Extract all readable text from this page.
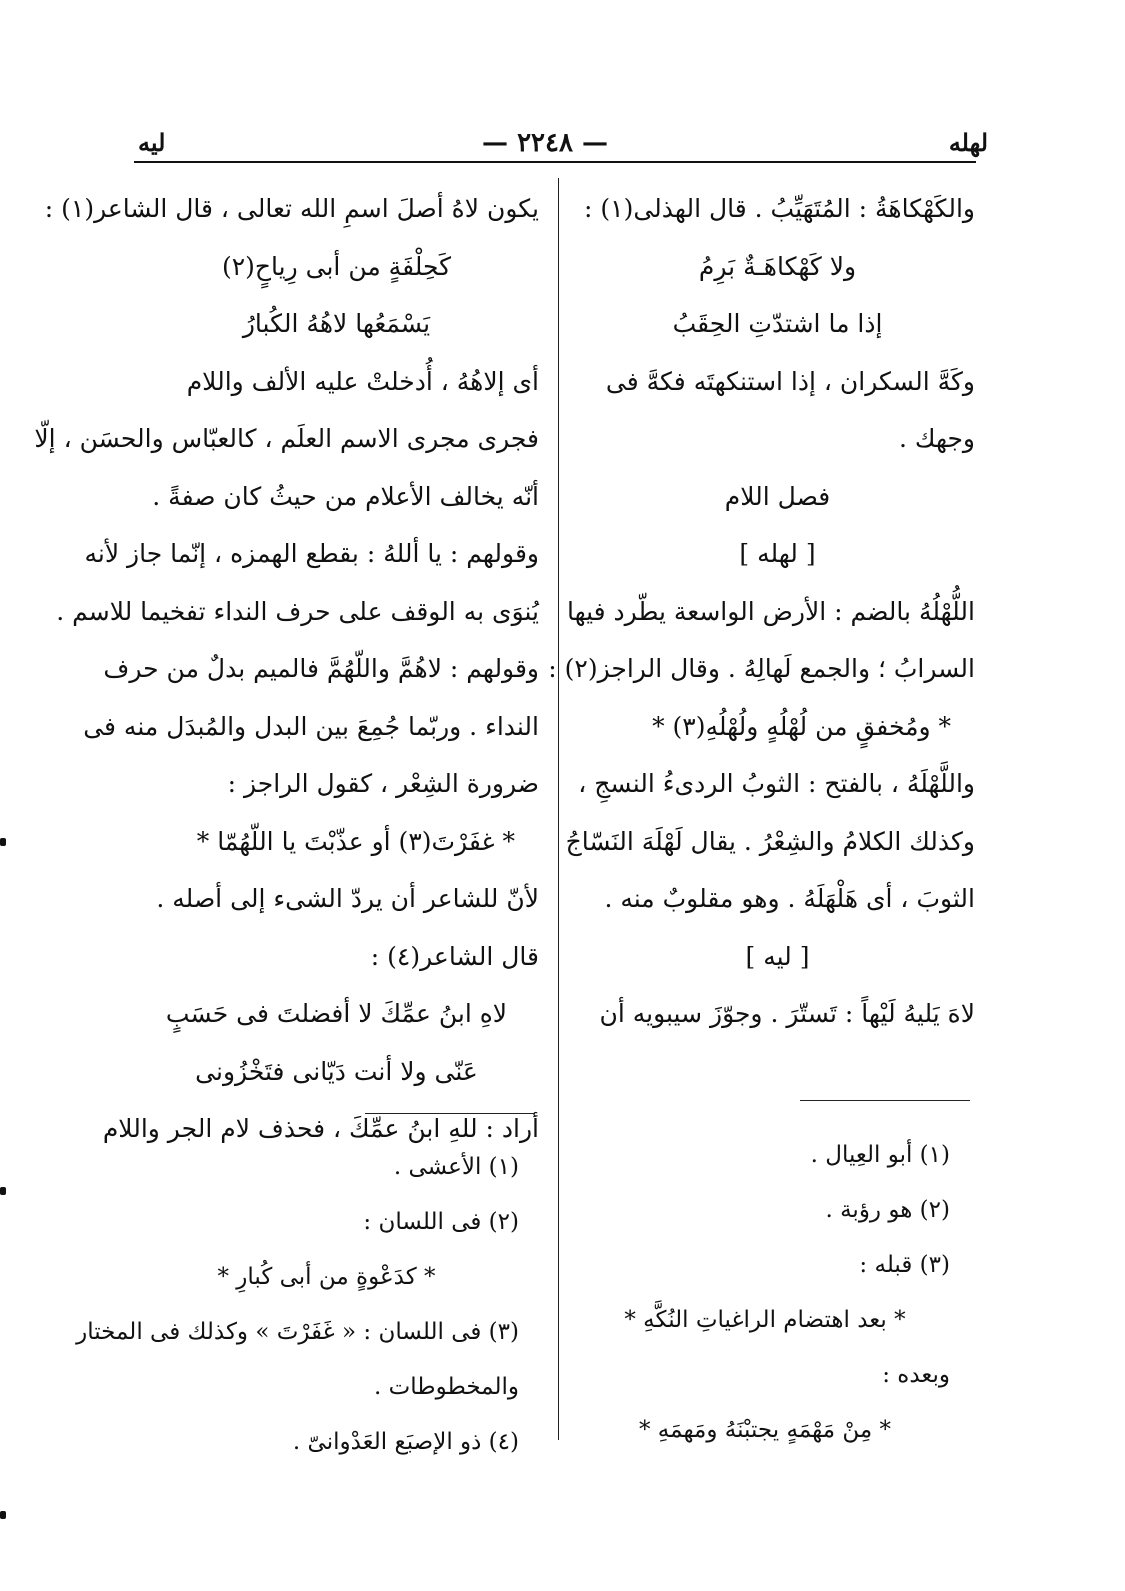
لهله
— ٢٢٤٨ —
ليه
والكَهْكاهَةُ : المُتَهَيِّبُ . قال الهذلى(١) :
ولا كَهْكاهَـةٌ بَرِمُ
إذا ما اشتدّتِ الحِقَبُ
وكَهَّ السكران ، إذا استنكهتَه فكهَّ فى
وجهك .
فصل اللام
[ لهله ]
اللُّهْلُهُ بالضم : الأرض الواسعة يطّرد فيها
السرابُ ؛ والجمع لَهالِهُ . وقال الراجز(٢) :
* ومُخفقٍ من لُهْلُهٍ ولُهْلُهِ(٣) *
واللَّهْلَهُ ، بالفتح : الثوبُ الردىءُ النسجِ ،
وكذلك الكلامُ والشِعْرُ . يقال لَهْلَهَ النَسّاجُ
الثوبَ ، أى هَلْهَلَهُ . وهو مقلوبٌ منه .
[ ليه ]
لاهَ يَليهُ لَيْهاً : تَستّرَ . وجوّزَ سيبويه أن
يكون لاهُ أصلَ اسمِ الله تعالى ، قال الشاعر(١) :
كَحِلْفَةٍ من أبى رِياحٍ(٢)
يَسْمَعُها لاهُهُ الكُبارُ
أى إلاهُهُ ، أُدخلتْ عليه الألف واللام
فجرى مجرى الاسم العلَم ، كالعبّاس والحسَن ، إلّا
أنّه يخالف الأعلام من حيثُ كان صفةً .
وقولهم : يا أللهُ : بقطع الهمزه ، إنّما جاز لأنه
يُنوَى به الوقف على حرف النداء تفخيما للاسم .
وقولهم : لاهُمَّ واللّهُمَّ فالميم بدلٌ من حرف
النداء . وربّما جُمِعَ بين البدل والمُبدَل منه فى
ضرورة الشِعْر ، كقول الراجز :
* غفَرْتَ(٣) أو عذّبْتَ يا اللّهُمّا *
لأنّ للشاعر أن يردّ الشىء إلى أصله .
قال الشاعر(٤) :
لاهِ ابنُ عمِّكَ لا أفضلتَ فى حَسَبٍ
عَنّى ولا أنت دَيّانى فتَخْزُونى
أراد : للهِ ابنُ عمِّكَ ، فحذف لام الجر واللام
(١) أبو العِيال .
(٢) هو رؤبة .
(٣) قبله :
* بعد اهتضام الراغياتِ النُكَّهِ *
وبعده :
* مِنْ مَهْمَهٍ يجتبْنَهُ ومَهمَهِ *
(١) الأعشى .
(٢) فى اللسان :
* كدَعْوةٍ من أبى كُبارِ *
(٣) فى اللسان : « غَفَرْتَ » وكذلك فى المختار
والمخطوطات .
(٤) ذو الإصبَع العَدْوانىّ .
